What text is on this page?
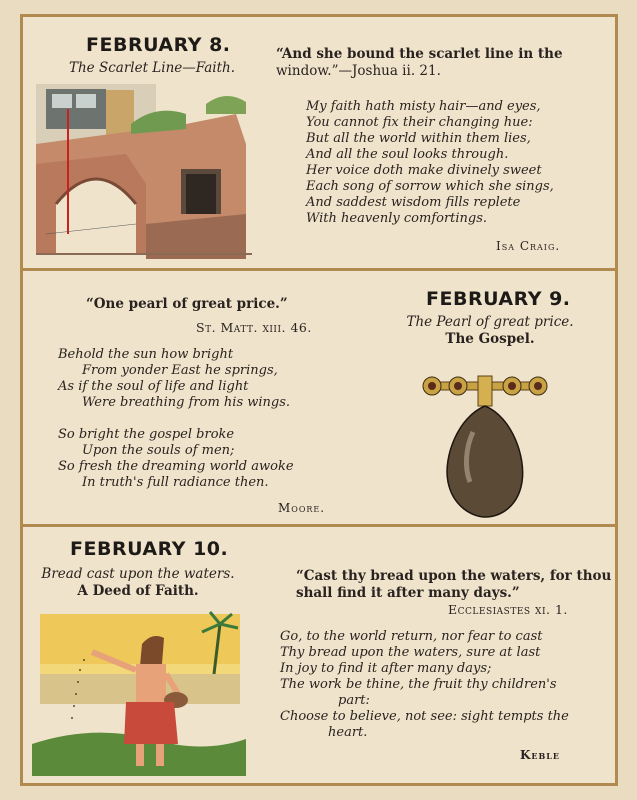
FEBRUARY 8.
The Scarlet Line—Faith.
“And she bound the scarlet line in the
window.”—Joshua ii. 21.
My faith hath misty hair—and eyes,
You cannot fix their changing hue:
But all the world within them lies,
And all the soul looks through.
Her voice doth make divinely sweet
Each song of sorrow which she sings,
And saddest wisdom fills replete
With heavenly comfortings.
Isa Craig.
FEBRUARY 9.
The Pearl of great price.
The Gospel.
“One pearl of great price.”
St. Matt. xiii. 46.
Behold the sun how bright
From yonder East he springs,
As if the soul of life and light
Were breathing from his wings.
So bright the gospel broke
Upon the souls of men;
So fresh the dreaming world awoke
In truth's full radiance then.
Moore.
FEBRUARY 10.
Bread cast upon the waters.
A Deed of Faith.
“Cast thy bread upon the waters, for thou
shall find it after many days.”
Ecclesiastes xi. 1.
Go, to the world return, nor fear to cast
Thy bread upon the waters, sure at last
In joy to find it after many days;
The work be thine, the fruit thy children's
part:
Choose to believe, not see: sight tempts the
heart.
Keble
